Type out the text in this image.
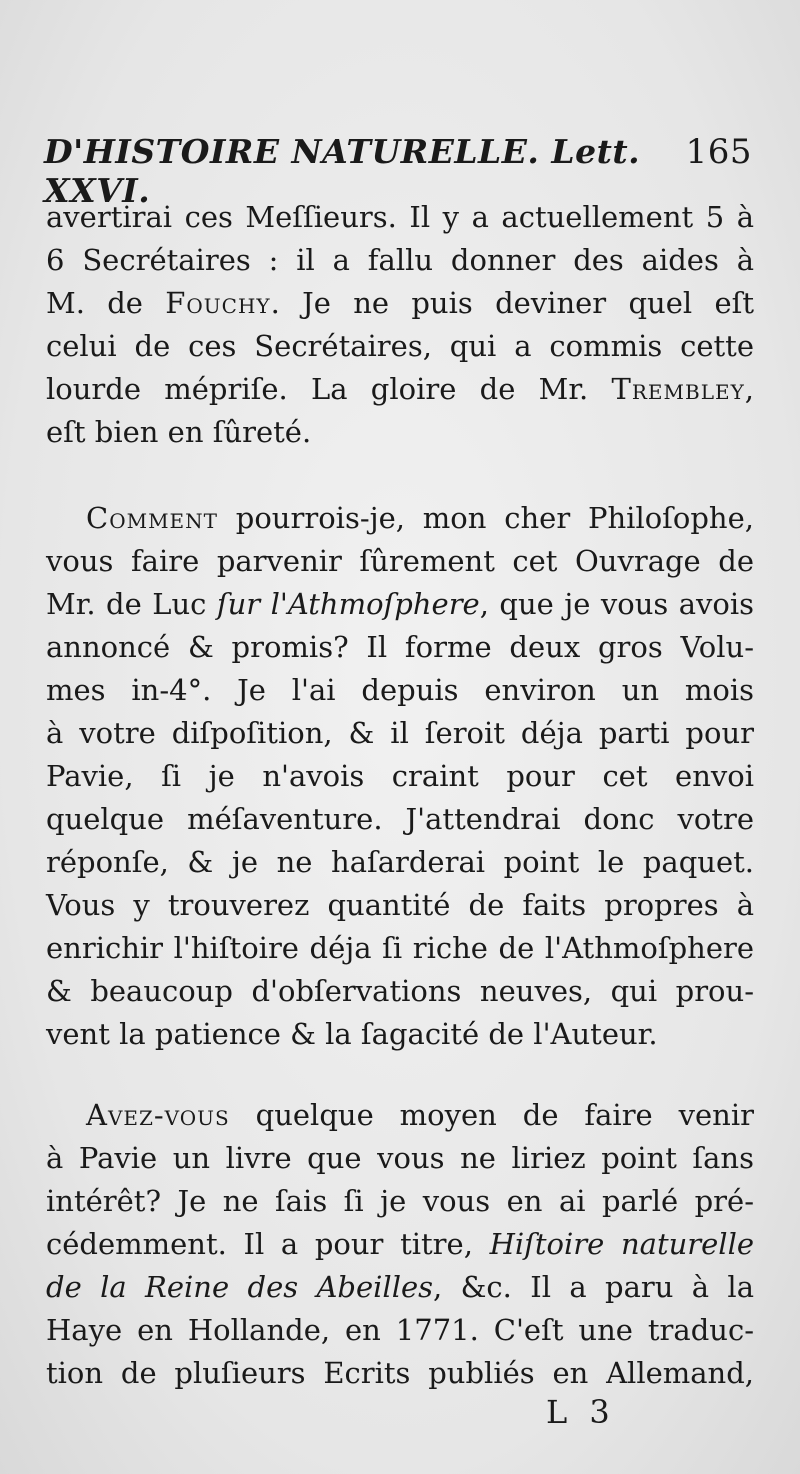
D'HISTOIRE NATURELLE. Lett. XXVI.
165
avertirai ces Meſſieurs. Il y a actuellement 5 à
6 Secrétaires : il a fallu donner des aides à
M. de Fouchy. Je ne puis deviner quel eſt
celui de ces Secrétaires, qui a commis cette
lourde mépriſe. La gloire de Mr. Trembley,
eſt bien en ſûreté.
Comment pourrois-je, mon cher Philoſophe,
vous faire parvenir ſûrement cet Ouvrage de
Mr. de Luc ſur l'Athmoſphere, que je vous avois
annoncé & promis? Il forme deux gros Volu-
mes in-4°. Je l'ai depuis environ un mois
à votre diſpoſition, & il ſeroit déja parti pour
Pavie, ſi je n'avois craint pour cet envoi
quelque méſaventure. J'attendrai donc votre
réponſe, & je ne haſarderai point le paquet.
Vous y trouverez quantité de faits propres à
enrichir l'hiſtoire déja ſi riche de l'Athmoſphere
& beaucoup d'obſervations neuves, qui prou-
vent la patience & la ſagacité de l'Auteur.
Avez-vous quelque moyen de faire venir
à Pavie un livre que vous ne liriez point ſans
intérêt? Je ne ſais ſi je vous en ai parlé pré-
cédemment. Il a pour titre, Hiſtoire naturelle
de la Reine des Abeilles, &c. Il a paru à la
Haye en Hollande, en 1771. C'eſt une traduc-
tion de pluſieurs Ecrits publiés en Allemand,
L 3
